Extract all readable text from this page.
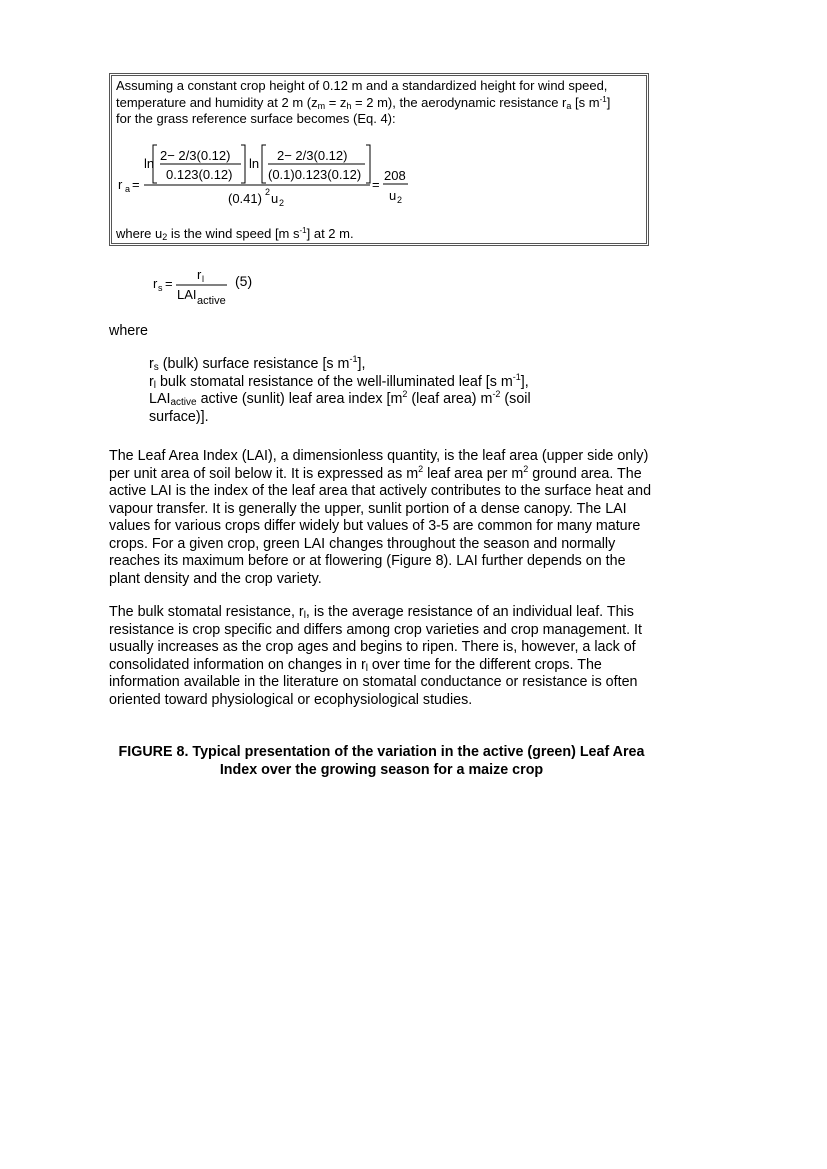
Assuming a constant crop height of 0.12 m and a standardized height for wind speed,

temperature and humidity at 2 m ($z_m = z_h = 2$ m), the aerodynamic resistance $r_a$ [s $m^{-1}$]

for the grass reference surface becomes (Eq. 4):

r a =
ln
2− 2/3(0.12)
0.123(0.12)
ln
2− 2/3(0.12)
(0.1)0.123(0.12)
(0.41) 2 u 2
=
208
u 2
where $u_2$ is the wind speed [m $s^{-1}$] at 2 m.
r s =
r l
LAI active
(5)
where
$r_s$ (bulk) surface resistance [s $m^{-1}$],
$r_l$ bulk stomatal resistance of the well-illuminated leaf [s $m^{-1}$],
$LAI_{active}$ active (sunlit) leaf area index [$m^2$ (leaf area) $m^{-2}$ (soil
surface)].
The Leaf Area Index (LAI), a dimensionless quantity, is the leaf area (upper side only) per unit area of soil below it. It is expressed as $m^2$ leaf area per $m^2$ ground area. The active LAI is the index of the leaf area that actively contributes to the surface heat and vapour transfer. It is generally the upper, sunlit portion of a dense canopy. The LAI values for various crops differ widely but values of 3-5 are common for many mature crops. For a given crop, green LAI changes throughout the season and normally reaches its maximum before or at flowering (Figure 8). LAI further depends on the plant density and the crop variety.
The bulk stomatal resistance, $r_l$, is the average resistance of an individual leaf. This resistance is crop specific and differs among crop varieties and crop management. It usually increases as the crop ages and begins to ripen. There is, however, a lack of consolidated information on changes in $r_l$ over time for the different crops. The information available in the literature on stomatal conductance or resistance is often oriented toward physiological or ecophysiological studies.
FIGURE 8. Typical presentation of the variation in the active (green) Leaf Area Index over the growing season for a maize crop
